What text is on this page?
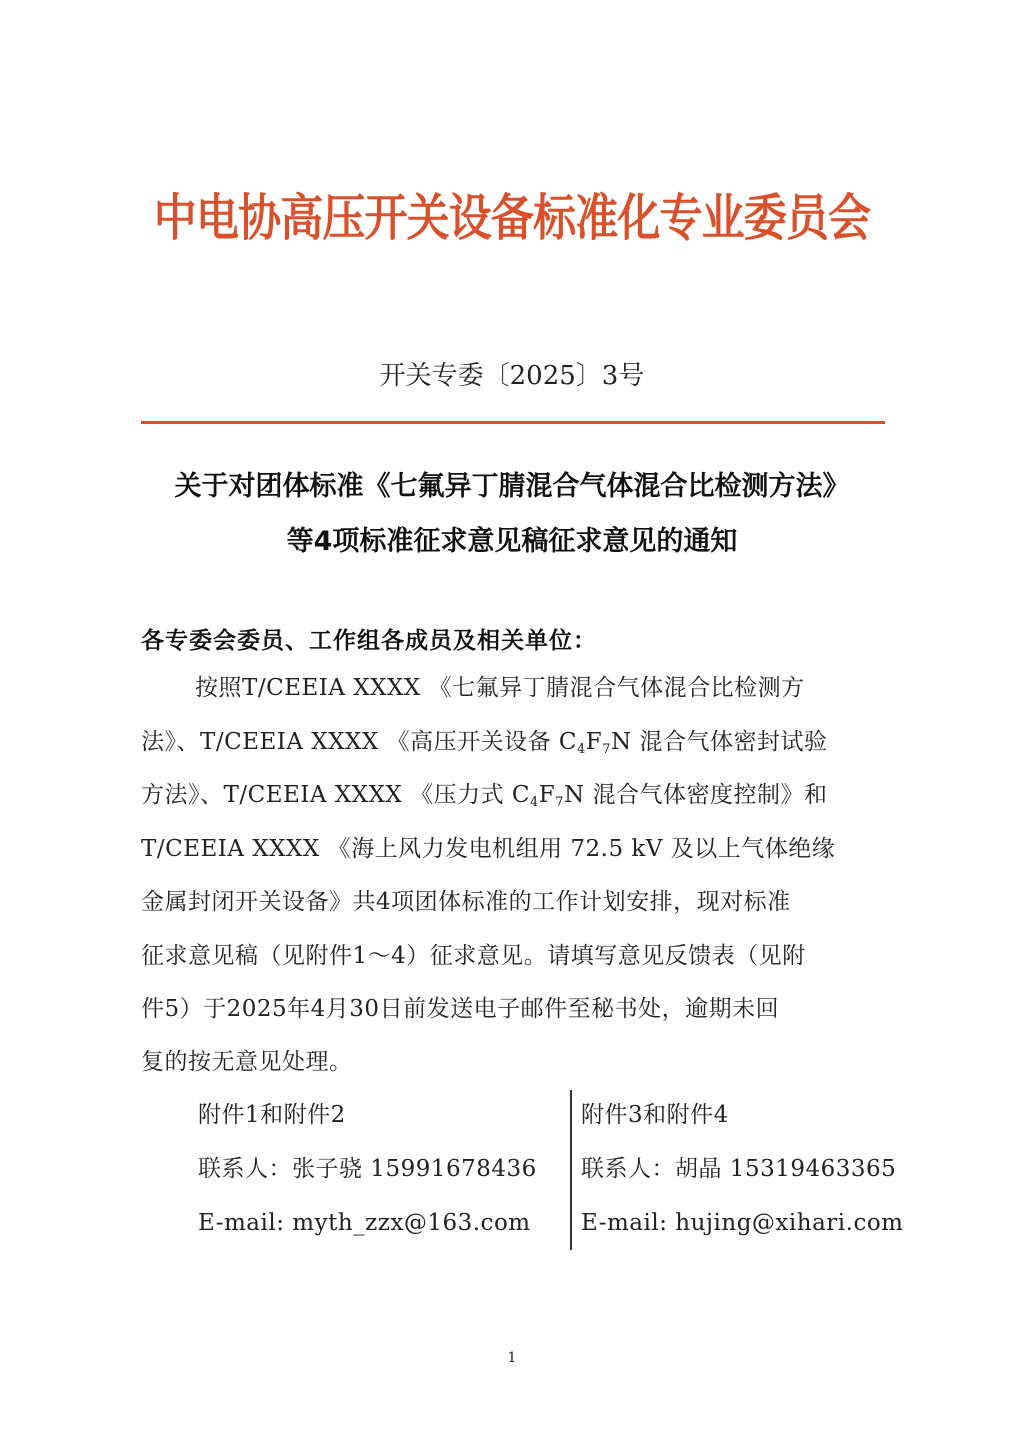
中电协高压开关设备标准化专业委员会
开关专委〔2025〕3号
关于对团体标准《七氟异丁腈混合气体混合比检测方法》
等4项标准征求意见稿征求意见的通知
各专委会委员、工作组各成员及相关单位：
按照T/CEEIA XXXX 《七氟异丁腈混合气体混合比检测方
法》、T/CEEIA XXXX 《高压开关设备 $C_4F_7N$ 混合气体密封试验
方法》、T/CEEIA XXXX 《压力式 $C_4F_7N$ 混合气体密度控制》和
T/CEEIA XXXX 《海上风力发电机组用 72.5 kV 及以上气体绝缘
金属封闭开关设备》共4项团体标准的工作计划安排，现对标准
征求意见稿（见附件1～4）征求意见。请填写意见反馈表（见附
件5）于2025年4月30日前发送电子邮件至秘书处，逾期未回
复的按无意见处理。
附件1和附件2
联系人：张子骁 15991678436
E-mail: myth_zzx@163.com
附件3和附件4
联系人：胡晶 15319463365
E-mail: hujing@xihari.com
1
